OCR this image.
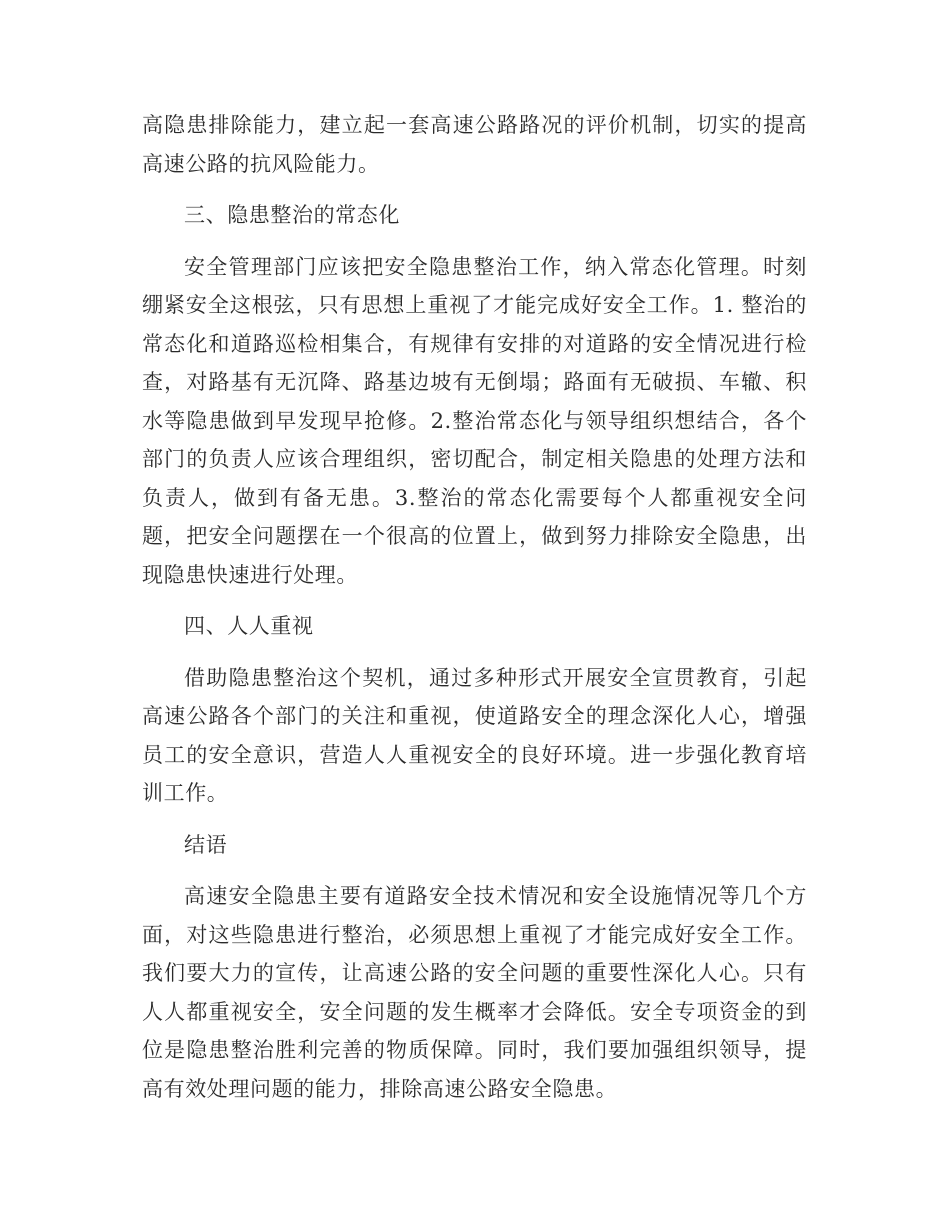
高隐患排除能力，建立起一套高速公路路况的评价机制，切实的提高高速公路的抗风险能力。

三、隐患整治的常态化

安全管理部门应该把安全隐患整治工作，纳入常态化管理。时刻绷紧安全这根弦，只有思想上重视了才能完成好安全工作。1. 整治的常态化和道路巡检相集合，有规律有安排的对道路的安全情况进行检查，对路基有无沉降、路基边坡有无倒塌；路面有无破损、车辙、积水等隐患做到早发现早抢修。2.整治常态化与领导组织想结合，各个部门的负责人应该合理组织，密切配合，制定相关隐患的处理方法和负责人，做到有备无患。3.整治的常态化需要每个人都重视安全问题，把安全问题摆在一个很高的位置上，做到努力排除安全隐患，出现隐患快速进行处理。

四、人人重视

借助隐患整治这个契机，通过多种形式开展安全宣贯教育，引起高速公路各个部门的关注和重视，使道路安全的理念深化人心，增强员工的安全意识，营造人人重视安全的良好环境。进一步强化教育培训工作。

结语

高速安全隐患主要有道路安全技术情况和安全设施情况等几个方面，对这些隐患进行整治，必须思想上重视了才能完成好安全工作。我们要大力的宣传，让高速公路的安全问题的重要性深化人心。只有人人都重视安全，安全问题的发生概率才会降低。安全专项资金的到位是隐患整治胜利完善的物质保障。同时，我们要加强组织领导，提高有效处理问题的能力，排除高速公路安全隐患。
